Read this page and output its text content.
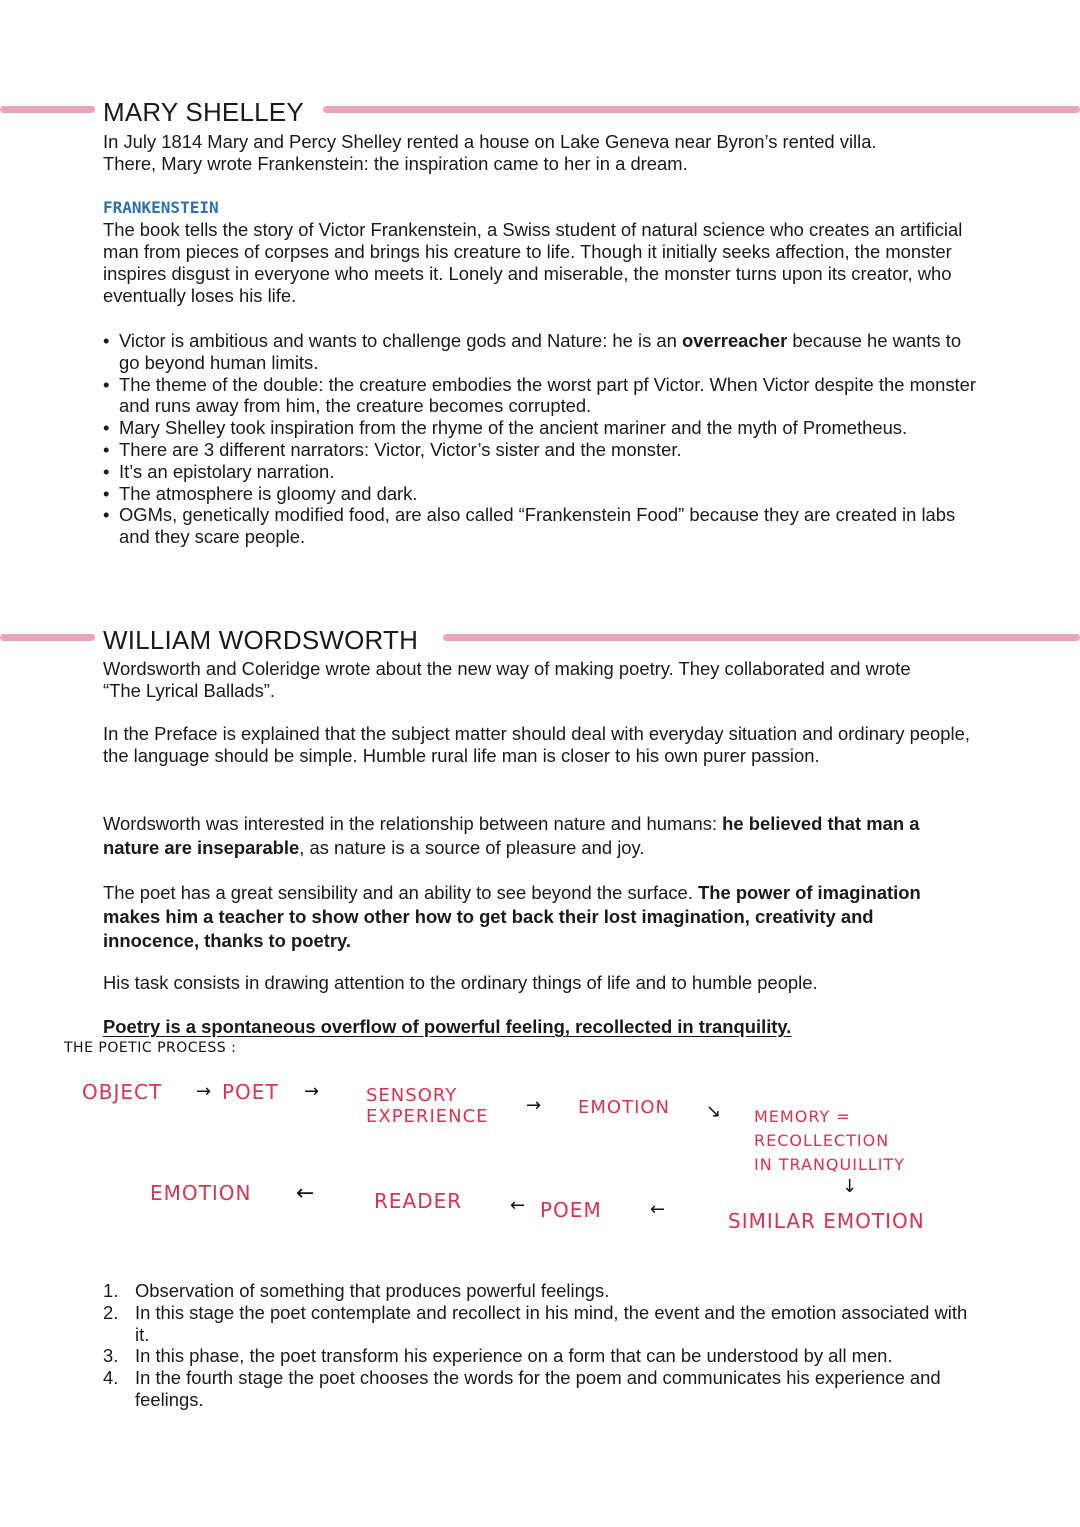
MARY SHELLEY

In July 1814 Mary and Percy Shelley rented a house on Lake Geneva near Byron’s rented villa.

There, Mary wrote Frankenstein: the inspiration came to her in a dream.

FRANKENSTEIN

The book tells the story of Victor Frankenstein, a Swiss student of natural science who creates an artificial man from pieces of corpses and brings his creature to life. Though it initially seeks affection, the monster inspires disgust in everyone who meets it. Lonely and miserable, the monster turns upon its creator, who eventually loses his life.

• Victor is ambitious and wants to challenge gods and Nature: he is an overreacher because he wants to go beyond human limits.
• The theme of the double: the creature embodies the worst part pf Victor. When Victor despite the monster and runs away from him, the creature becomes corrupted.
• Mary Shelley took inspiration from the rhyme of the ancient mariner and the myth of Prometheus.
• There are 3 different narrators: Victor, Victor’s sister and the monster.
• It’s an epistolary narration.
• The atmosphere is gloomy and dark.
• OGMs, genetically modified food, are also called “Frankenstein Food” because they are created in labs and they scare people.
WILLIAM WORDSWORTH

Wordsworth and Coleridge wrote about the new way of making poetry. They collaborated and wrote “The Lyrical Ballads”.

In the Preface is explained that the subject matter should deal with everyday situation and ordinary people, the language should be simple. Humble rural life man is closer to his own purer passion.

Wordsworth was interested in the relationship between nature and humans: he believed that man a nature are inseparable, as nature is a source of pleasure and joy.

The poet has a great sensibility and an ability to see beyond the surface. The power of imagination makes him a teacher to show other how to get back their lost imagination, creativity and innocence, thanks to poetry.

His task consists in drawing attention to the ordinary things of life and to humble people.

Poetry is a spontaneous overflow of powerful feeling, recollected in tranquility.

THE POETIC PROCESS :
OBJECT → POET →	SENSORY
EXPERIENCE
→ EMOTION ↘ MEMORY =
RECOLLECTION
IN TRANQUILLITY
↓
EMOTION ←	READER	← POEM	←	SIMILAR EMOTION
1. Observation of something that produces powerful feelings.
2. In this stage the poet contemplate and recollect in his mind, the event and the emotion associated with it.
3. In this phase, the poet transform his experience on a form that can be understood by all men.
4. In the fourth stage the poet chooses the words for the poem and communicates his experience and feelings.
